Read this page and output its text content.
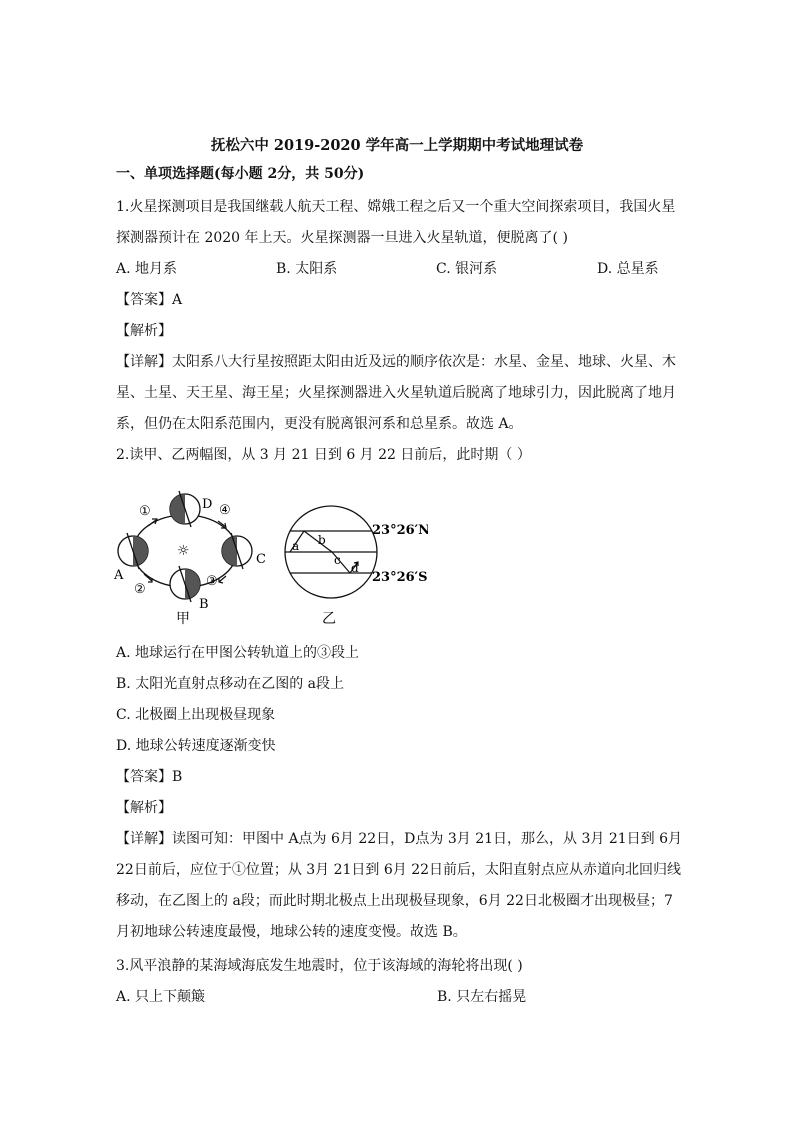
抚松六中 2019-2020 学年高一上学期期中考试地理试卷
一、单项选择题(每小题 2分，共 50分)
1.火星探测项目是我国继载人航天工程、嫦娥工程之后又一个重大空间探索项目，我国火星
探测器预计在 2020 年上天。火星探测器一旦进入火星轨道，便脱离了( )
A. 地月系	B. 太阳系	C. 银河系	D. 总星系
【答案】A
【解析】
【详解】太阳系八大行星按照距太阳由近及远的顺序依次是：水星、金星、地球、火星、木
星、土星、天王星、海王星；火星探测器进入火星轨道后脱离了地球引力，因此脱离了地月
系，但仍在太阳系范围内，更没有脱离银河系和总星系。故选 A。
2.读甲、乙两幅图，从 3 月 21 日到 6 月 22 日前后，此时期（ ）
☼
A
B
C
D
①
②
③
④
甲
a b
c
d
23°26′N
23°26′S
乙
A. 地球运行在甲图公转轨道上的③段上
B. 太阳光直射点移动在乙图的 a段上
C. 北极圈上出现极昼现象
D. 地球公转速度逐渐变快
【答案】B
【解析】
【详解】读图可知：甲图中 A点为 6月 22日，D点为 3月 21日，那么，从 3月 21日到 6月
22日前后，应位于①位置；从 3月 21日到 6月 22日前后，太阳直射点应从赤道向北回归线
移动，在乙图上的 a段；而此时期北极点上出现极昼现象，6月 22日北极圈才出现极昼；7
月初地球公转速度最慢，地球公转的速度变慢。故选 B。
3.风平浪静的某海域海底发生地震时，位于该海域的海轮将出现( )
A. 只上下颠簸	B. 只左右摇晃
